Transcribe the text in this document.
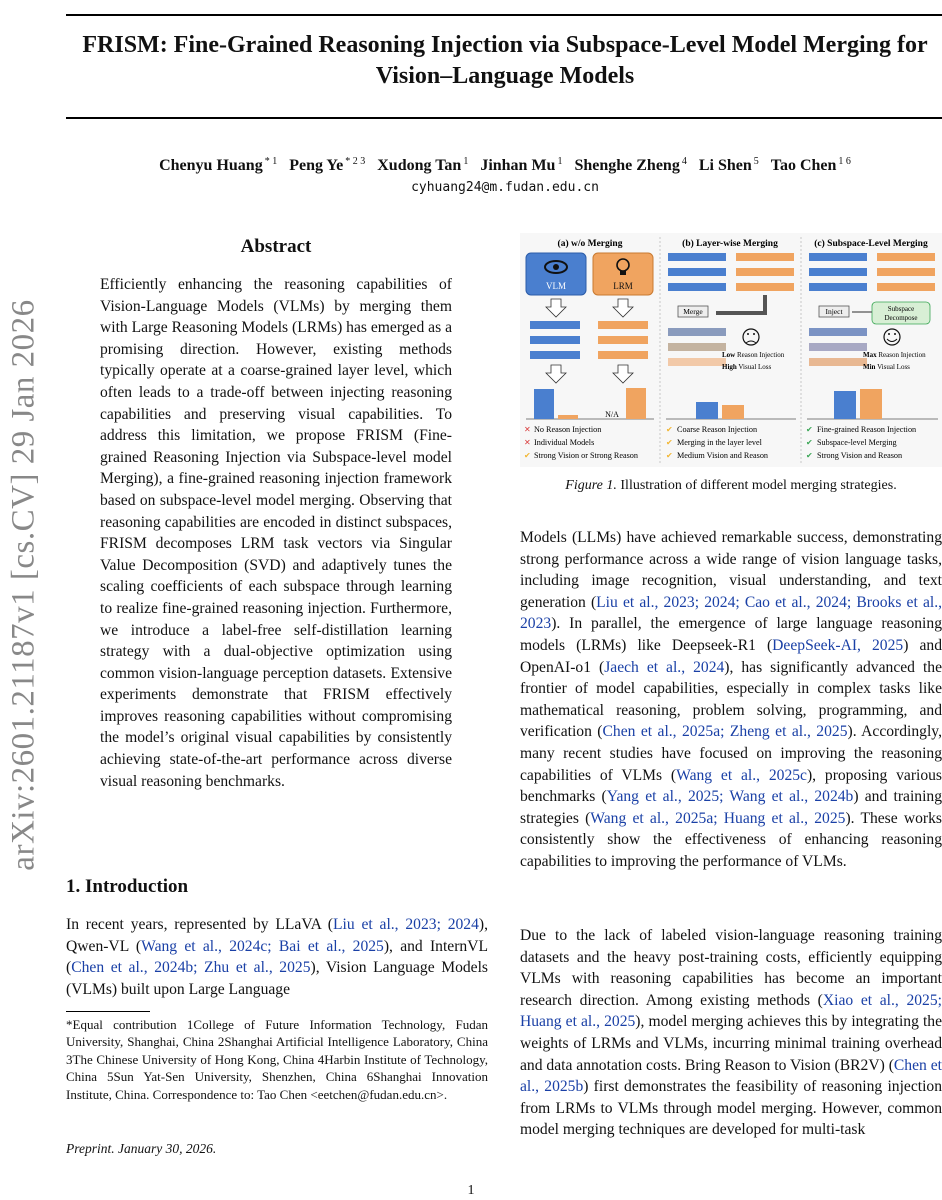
FRISM: Fine-Grained Reasoning Injection via Subspace-Level Model Merging for Vision–Language Models
Chenyu Huang $^{* 1}$ Peng Ye $^{* 2 3}$ Xudong Tan $^1$ Jinhan Mu $^1$ Shenghe Zheng $^4$ Li Shen $^5$ Tao Chen $^{1 6}$
cyhuang24@m.fudan.edu.cn
arXiv:2601.21187v1 [cs.CV] 29 Jan 2026
Abstract

Efficiently enhancing the reasoning capabilities of Vision-Language Models (VLMs) by merging them with Large Reasoning Models (LRMs) has emerged as a promising direction. However, existing methods typically operate at a coarse-grained layer level, which often leads to a trade-off between injecting reasoning capabilities and preserving visual capabilities. To address this limitation, we propose FRISM (Fine-grained Reasoning Injection via Subspace-level model Merging), a fine-grained reasoning injection framework based on subspace-level model merging. Observing that reasoning capabilities are encoded in distinct subspaces, FRISM decomposes LRM task vectors via Singular Value Decomposition (SVD) and adaptively tunes the scaling coefficients of each subspace through learning to realize fine-grained reasoning injection. Furthermore, we introduce a label-free self-distillation learning strategy with a dual-objective optimization using common vision-language perception datasets. Extensive experiments demonstrate that FRISM effectively improves reasoning capabilities without compromising the model’s original visual capabilities by consistently achieving state-of-the-art performance across diverse visual reasoning benchmarks.

1. Introduction

In recent years, represented by LLaVA (Liu et al., 2023; 2024), Qwen-VL (Wang et al., 2024c; Bai et al., 2025), and InternVL (Chen et al., 2024b; Zhu et al., 2025), Vision Language Models (VLMs) built upon Large Language

*Equal contribution 1College of Future Information Technology, Fudan University, Shanghai, China 2Shanghai Artificial Intelligence Laboratory, China 3The Chinese University of Hong Kong, China 4Harbin Institute of Technology, China 5Sun Yat-Sen University, Shenzhen, China 6Shanghai Innovation Institute, China. Correspondence to: Tao Chen <eetchen@fudan.edu.cn>.

Preprint. January 30, 2026.
1
(a) w/o Merging	(b) Layer-wise Merging	(c) Subspace-Level Merging
VLM	LRM
N/A
Merge
Low Reason Injection
High Visual Loss
Inject	Subspace
Decompose
Max Reason Injection
Min Visual Loss
✕ No Reason Injection
✕ Individual Models
✔ Strong Vision or Strong Reason
✔ Coarse Reason Injection
✔ Merging in the layer level
✔ Medium Vision and Reason
✔ Fine-grained Reason Injection
✔ Subspace-level Merging
✔ Strong Vision and Reason
Figure 1. Illustration of different model merging strategies.

Models (LLMs) have achieved remarkable success, demonstrating strong performance across a wide range of vision language tasks, including image recognition, visual understanding, and text generation (Liu et al., 2023; 2024; Cao et al., 2024; Brooks et al., 2023). In parallel, the emergence of large language reasoning models (LRMs) like Deepseek-R1 (DeepSeek-AI, 2025) and OpenAI-o1 (Jaech et al., 2024), has significantly advanced the frontier of model capabilities, especially in complex tasks like mathematical reasoning, problem solving, programming, and verification (Chen et al., 2025a; Zheng et al., 2025). Accordingly, many recent studies have focused on improving the reasoning capabilities of VLMs (Wang et al., 2025c), proposing various benchmarks (Yang et al., 2025; Wang et al., 2024b) and training strategies (Wang et al., 2025a; Huang et al., 2025). These works consistently show the effectiveness of enhancing reasoning capabilities to improving the performance of VLMs.

Due to the lack of labeled vision-language reasoning training datasets and the heavy post-training costs, efficiently equipping VLMs with reasoning capabilities has become an important research direction. Among existing methods (Xiao et al., 2025; Huang et al., 2025), model merging achieves this by integrating the weights of LRMs and VLMs, incurring minimal training overhead and data annotation costs. Bring Reason to Vision (BR2V) (Chen et al., 2025b) first demonstrates the feasibility of reasoning injection from LRMs to VLMs through model merging. However, common model merging techniques are developed for multi-task
